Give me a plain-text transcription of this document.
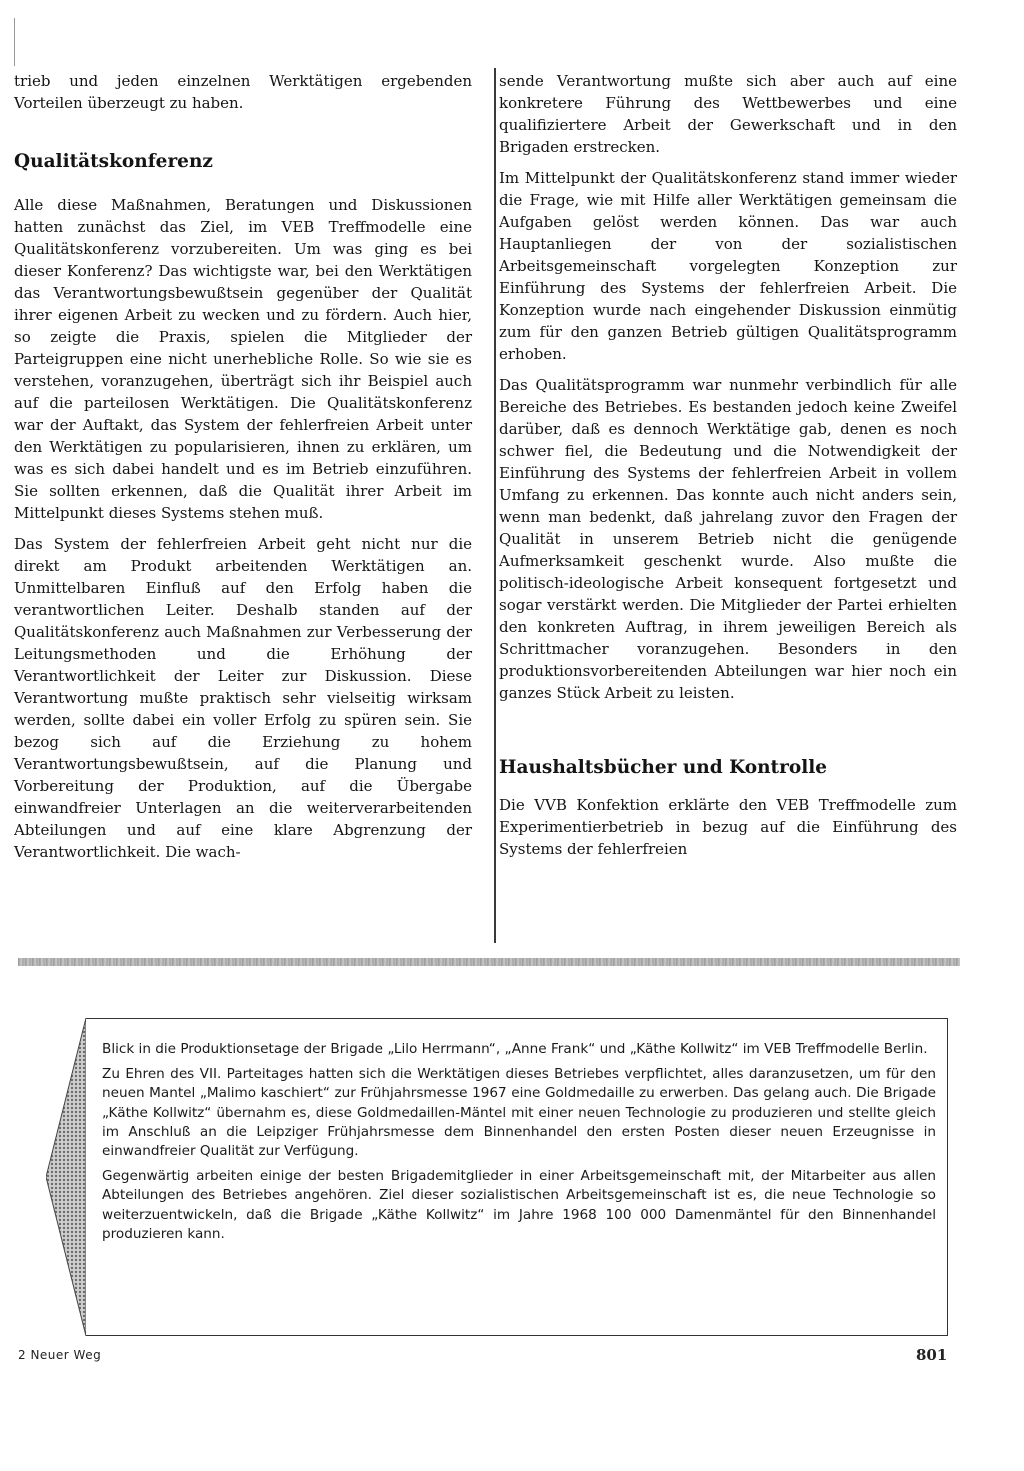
trieb und jeden einzelnen Werktätigen ergebenden Vorteilen überzeugt zu haben.

Qualitätskonferenz

Alle diese Maßnahmen, Beratungen und Diskussionen hatten zunächst das Ziel, im VEB Treffmodelle eine Qualitätskonferenz vorzubereiten. Um was ging es bei dieser Konferenz? Das wichtigste war, bei den Werktätigen das Verantwortungsbewußtsein gegenüber der Qualität ihrer eigenen Arbeit zu wecken und zu fördern. Auch hier, so zeigte die Praxis, spielen die Mitglieder der Parteigruppen eine nicht unerhebliche Rolle. So wie sie es verstehen, voranzugehen, überträgt sich ihr Beispiel auch auf die parteilosen Werktätigen. Die Qualitätskonferenz war der Auftakt, das System der fehlerfreien Arbeit unter den Werktätigen zu popularisieren, ihnen zu erklären, um was es sich dabei handelt und es im Betrieb einzuführen. Sie sollten erkennen, daß die Qualität ihrer Arbeit im Mittelpunkt dieses Systems stehen muß.

Das System der fehlerfreien Arbeit geht nicht nur die direkt am Produkt arbeitenden Werktätigen an. Unmittelbaren Einfluß auf den Erfolg haben die verantwortlichen Leiter. Deshalb standen auf der Qualitätskonferenz auch Maßnahmen zur Verbesserung der Leitungsmethoden und die Erhöhung der Verantwortlichkeit der Leiter zur Diskussion. Diese Verantwortung mußte praktisch sehr vielseitig wirksam werden, sollte dabei ein voller Erfolg zu spüren sein. Sie bezog sich auf die Erziehung zu hohem Verantwortungsbewußtsein, auf die Planung und Vorbereitung der Produktion, auf die Übergabe einwandfreier Unterlagen an die weiterverarbeitenden Abteilungen und auf eine klare Abgrenzung der Verantwortlichkeit. Die wach-

sende Verantwortung mußte sich aber auch auf eine konkretere Führung des Wettbewerbes und eine qualifiziertere Arbeit der Gewerkschaft und in den Brigaden erstrecken.

Im Mittelpunkt der Qualitätskonferenz stand immer wieder die Frage, wie mit Hilfe aller Werktätigen gemeinsam die Aufgaben gelöst werden können. Das war auch Hauptanliegen der von der sozialistischen Arbeitsgemeinschaft vorgelegten Konzeption zur Einführung des Systems der fehlerfreien Arbeit. Die Konzeption wurde nach eingehender Diskussion einmütig zum für den ganzen Betrieb gültigen Qualitätsprogramm erhoben.

Das Qualitätsprogramm war nunmehr verbindlich für alle Bereiche des Betriebes. Es bestanden jedoch keine Zweifel darüber, daß es dennoch Werktätige gab, denen es noch schwer fiel, die Bedeutung und die Notwendigkeit der Einführung des Systems der fehlerfreien Arbeit in vollem Umfang zu erkennen. Das konnte auch nicht anders sein, wenn man bedenkt, daß jahrelang zuvor den Fragen der Qualität in unserem Betrieb nicht die genügende Aufmerksamkeit geschenkt wurde. Also mußte die politisch-ideologische Arbeit konsequent fortgesetzt und sogar verstärkt werden. Die Mitglieder der Partei erhielten den konkreten Auftrag, in ihrem jeweiligen Bereich als Schrittmacher voranzugehen. Besonders in den produktionsvorbereitenden Abteilungen war hier noch ein ganzes Stück Arbeit zu leisten.

Haushaltsbücher und Kontrolle

Die VVB Konfektion erklärte den VEB Treffmodelle zum Experimentierbetrieb in bezug auf die Einführung des Systems der fehlerfreien

Blick in die Produktionsetage der Brigade „Lilo Herrmann“, „Anne Frank“ und „Käthe Kollwitz“ im VEB Treffmodelle Berlin.

Zu Ehren des VII. Parteitages hatten sich die Werktätigen dieses Betriebes verpflichtet, alles daranzusetzen, um für den neuen Mantel „Malimo kaschiert“ zur Frühjahrsmesse 1967 eine Goldmedaille zu erwerben. Das gelang auch. Die Brigade „Käthe Kollwitz“ übernahm es, diese Goldmedaillen-Mäntel mit einer neuen Technologie zu produzieren und stellte gleich im Anschluß an die Leipziger Frühjahrsmesse dem Binnenhandel den ersten Posten dieser neuen Erzeugnisse in einwandfreier Qualität zur Verfügung.

Gegenwärtig arbeiten einige der besten Brigademitglieder in einer Arbeitsgemeinschaft mit, der Mitarbeiter aus allen Abteilungen des Betriebes angehören. Ziel dieser sozialistischen Arbeitsgemeinschaft ist es, die neue Technologie so weiterzuentwickeln, daß die Brigade „Käthe Kollwitz“ im Jahre 1968 100 000 Damenmäntel für den Binnenhandel produzieren kann.

2 Neuer Weg	801
